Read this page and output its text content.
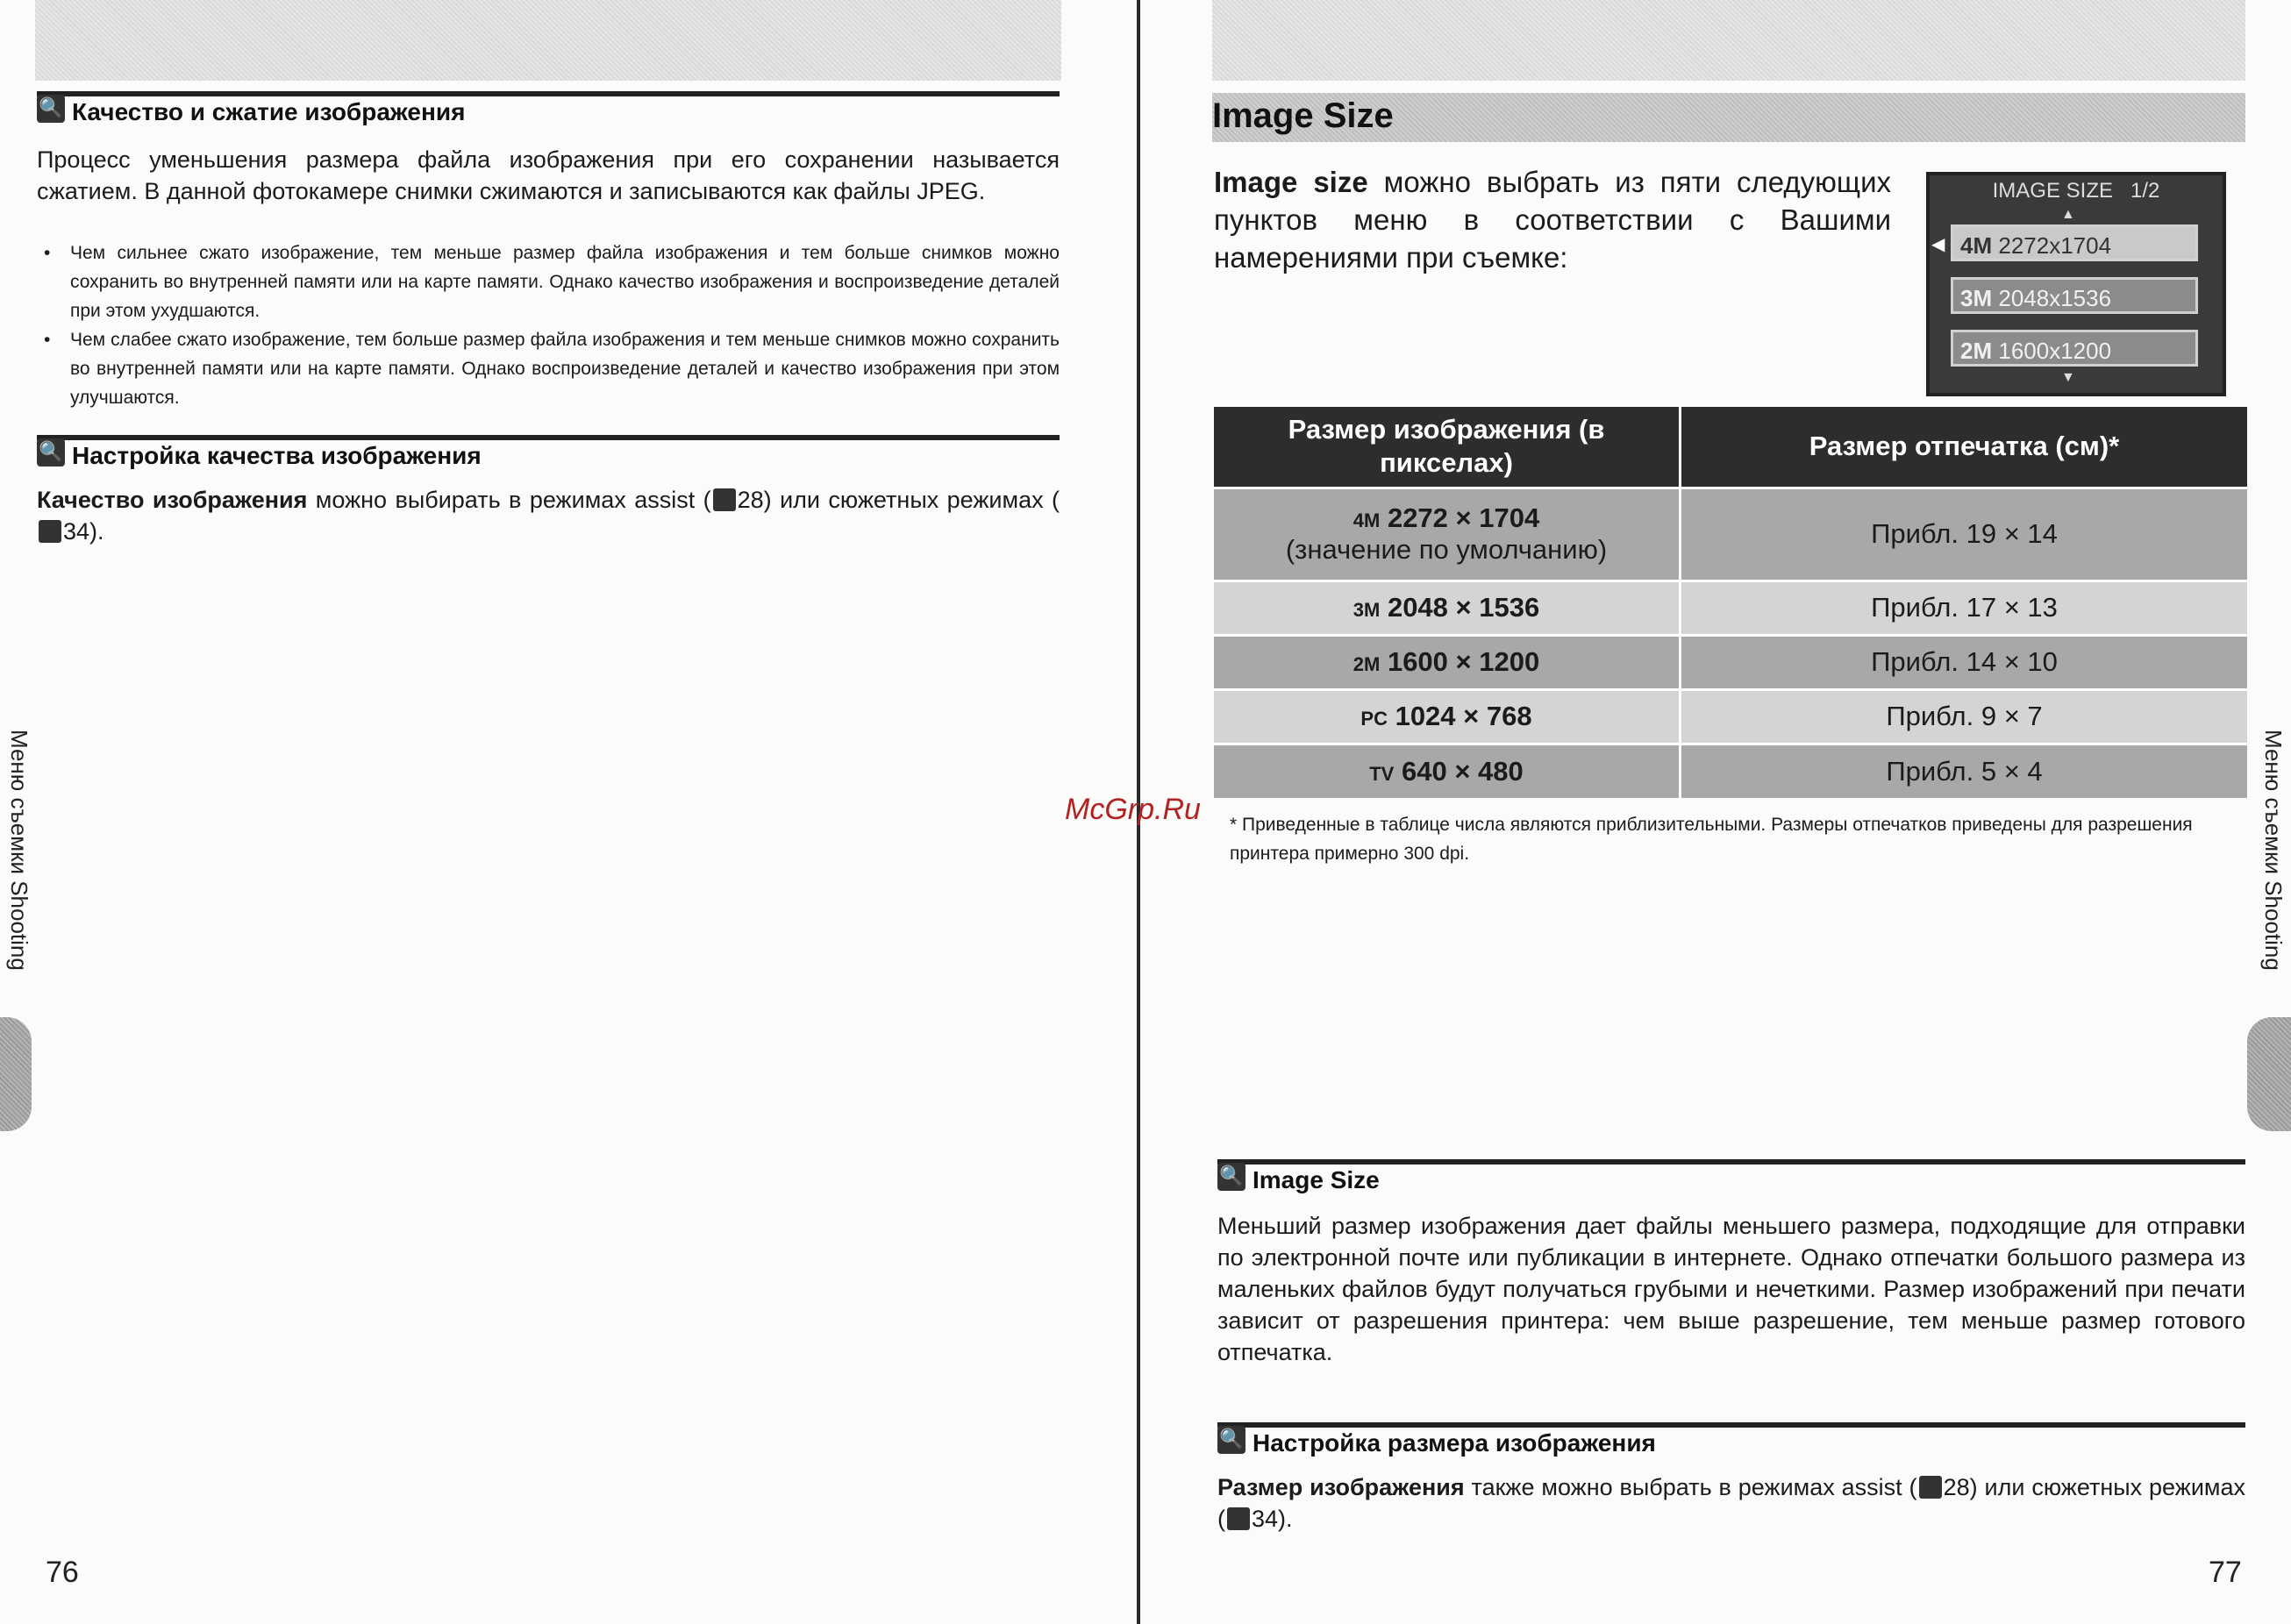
🔍 Качество и сжатие изображения

Процесс уменьшения размера файла изображения при его сохранении называется сжатием. В данной фотокамере снимки сжимаются и записываются как файлы JPEG.

• Чем сильнее сжато изображение, тем меньше размер файла изображения и тем больше снимков можно сохранить во внутренней памяти или на карте памяти. Однако качество изображения и воспроизведение деталей при этом ухудшаются.
• Чем слабее сжато изображение, тем больше размер файла изображения и тем меньше снимков можно сохранить во внутренней памяти или на карте памяти. Однако воспроизведение деталей и качество изображения при этом улучшаются.
🔍 Настройка качества изображения

Качество изображения можно выбирать в режимах assist ( 28) или сюжетных режимах (34).

Меню съемки Shooting
76
Image Size

Image size можно выбрать из пяти следующих пунктов меню в соответствии с Вашими намерениями при съемке:

IMAGE SIZE 1/2
▲
◀ 4M 2272x1704
3M 2048x1536
2M 1600x1200
▼
Размер изображения (в пикселах)	Размер отпечатка (см)*
4M 2272 × 1704
(значение по умолчанию)	Прибл. 19 × 14
3M 2048 × 1536	Прибл. 17 × 13
2M 1600 × 1200	Прибл. 14 × 10
PC 1024 × 768	Прибл. 9 × 7
TV 640 × 480	Прибл. 5 × 4

* Приведенные в таблице числа являются приблизительными. Размеры отпечатков приведены для разрешения принтера примерно 300 dpi.	Меню съемки Shooting
🔍 Image Size

Меньший размер изображения дает файлы меньшего размера, подходящие для отправки по электронной почте или публикации в интернете. Однако отпечатки большого размера из маленьких файлов будут получаться грубыми и нечеткими. Размер изображений при печати зависит от разрешения принтера: чем выше разрешение, тем меньше размер готового отпечатка.

🔍 Настройка размера изображения

Размер изображения также можно выбрать в режимах assist ( 28) или сюжетных режимах ( 34).

77
McGrp.Ru
